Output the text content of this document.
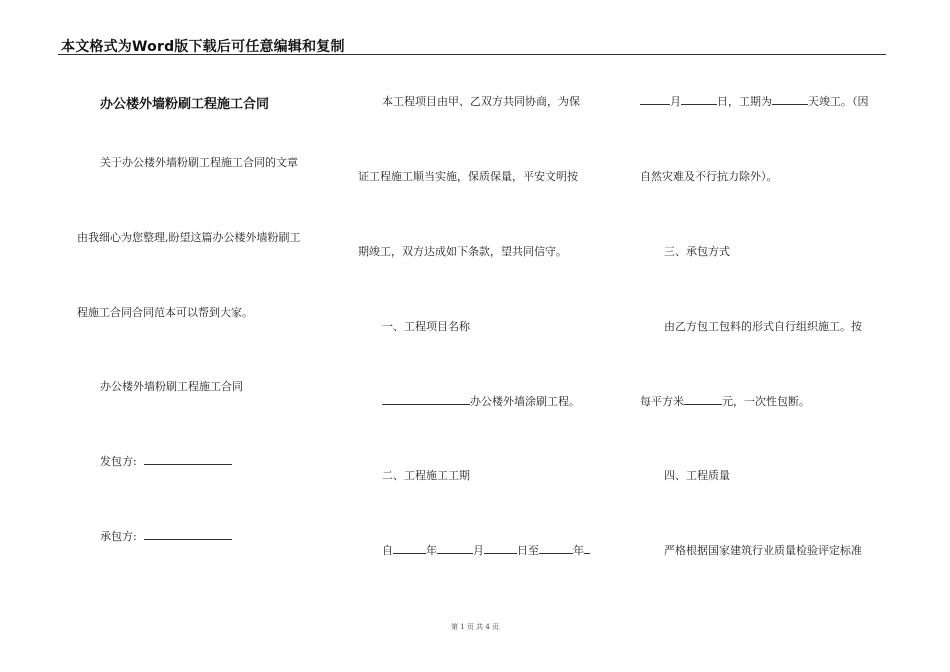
本文格式为Word版下载后可任意编辑和复制
办公楼外墙粉刷工程施工合同
关于办公楼外墙粉刷工程施工合同的文章
由我细心为您整理,盼望这篇办公楼外墙粉刷工
程施工合同合同范本可以帮到大家。
办公楼外墙粉刷工程施工合同
发包方:
承包方:
本工程项目由甲、乙双方共同协商，为保
证工程施工顺当实施，保质保量，平安文明按
期竣工，双方达成如下条款，望共同信守。
一、工程项目名称
办公楼外墙涂刷工程。
二、工程施工工期
自	年	月	日至	年
月	日，工期为	天竣工。（因
自然灾难及不行抗力除外）。
三、承包方式
由乙方包工包料的形式自行组织施工。按
每平方米	元，一次性包断。
四、工程质量
严格根据国家建筑行业质量检验评定标准
第 1 页 共 4 页
